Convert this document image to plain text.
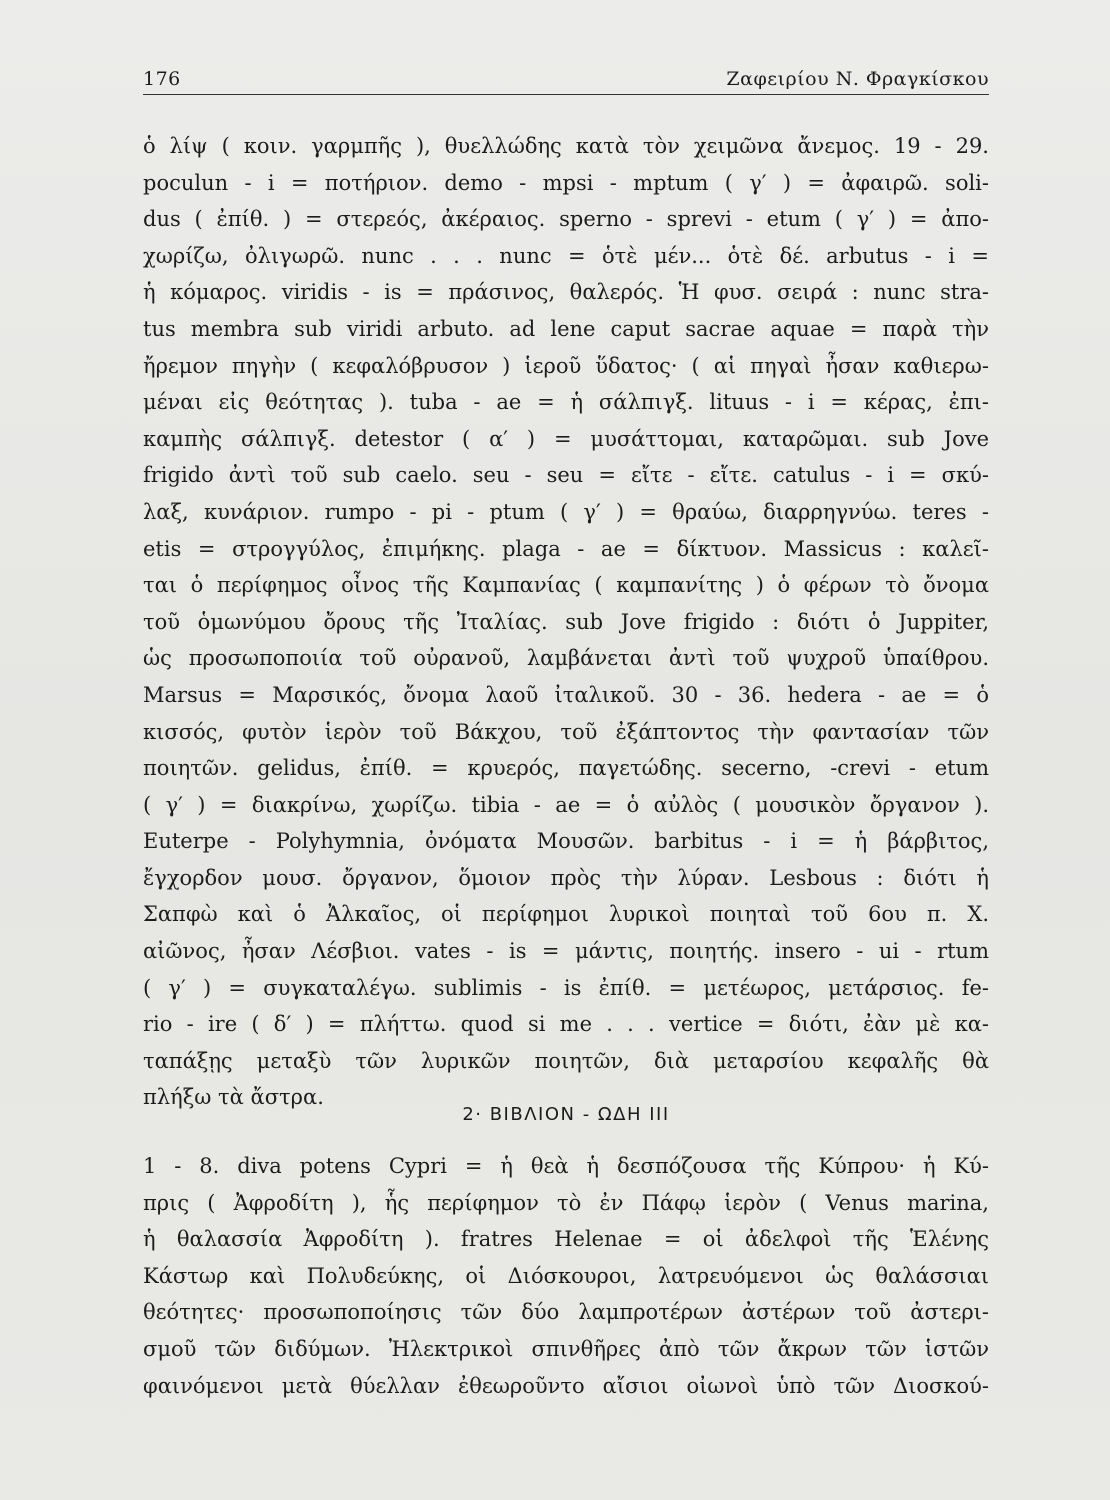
176	Ζαφειρίου Ν. Φραγκίσκου
ὁ λίψ ( κοιν. γαρμπῆς ), θυελλώδης κατὰ τὸν χειμῶνα ἄνεμος. 19 - 29.
poculun - i = ποτήριον. demo - mpsi - mptum ( γ′ ) = ἀφαιρῶ. soli-
dus ( ἐπίθ. ) = στερεός, ἀκέραιος. sperno - sprevi - etum ( γ′ ) = ἀπο-
χωρίζω, ὀλιγωρῶ. nunc . . . nunc = ὁτὲ μέν... ὁτὲ δέ. arbutus - i =
ἡ κόμαρος. viridis - is = πράσινος, θαλερός. Ἡ φυσ. σειρά : nunc stra-
tus membra sub viridi arbuto. ad lene caput sacrae aquae = παρὰ τὴν
ἤρεμον πηγὴν ( κεφαλόβρυσον ) ἱεροῦ ὕδατος· ( αἱ πηγαὶ ἦσαν καθιερω-
μέναι εἰς θεότητας ). tuba - ae = ἡ σάλπιγξ. lituus - i = κέρας, ἐπι-
καμπὴς σάλπιγξ. detestor ( α′ ) = μυσάττομαι, καταρῶμαι. sub Jove
frigido ἀντὶ τοῦ sub caelo. seu - seu = εἴτε - εἴτε. catulus - i = σκύ-
λαξ, κυνάριον. rumpo - pi - ptum ( γ′ ) = θραύω, διαρρηγνύω. teres -
etis = στρογγύλος, ἐπιμήκης. plaga - ae = δίκτυον. Massicus : καλεῖ-
ται ὁ περίφημος οἶνος τῆς Καμπανίας ( καμπανίτης ) ὁ φέρων τὸ ὄνομα
τοῦ ὁμωνύμου ὄρους τῆς Ἰταλίας. sub Jove frigido : διότι ὁ Juppiter,
ὡς προσωποποιία τοῦ οὐρανοῦ, λαμβάνεται ἀντὶ τοῦ ψυχροῦ ὑπαίθρου.
Marsus = Μαρσικός, ὄνομα λαοῦ ἰταλικοῦ. 30 - 36. hedera - ae = ὁ
κισσός, φυτὸν ἱερὸν τοῦ Βάκχου, τοῦ ἐξάπτοντος τὴν φαντασίαν τῶν
ποιητῶν. gelidus, ἐπίθ. = κρυερός, παγετώδης. secerno, -crevi - etum
( γ′ ) = διακρίνω, χωρίζω. tibia - ae = ὁ αὐλὸς ( μουσικὸν ὄργανον ).
Euterpe - Polyhymnia, ὀνόματα Μουσῶν. barbitus - i = ἡ βάρβιτος,
ἔγχορδον μουσ. ὄργανον, ὅμοιον πρὸς τὴν λύραν. Lesbous : διότι ἡ
Σαπφὼ καὶ ὁ Ἀλκαῖος, οἱ περίφημοι λυρικοὶ ποιηταὶ τοῦ 6ου π. Χ.
αἰῶνος, ἦσαν Λέσβιοι. vates - is = μάντις, ποιητής. insero - ui - rtum
( γ′ ) = συγκαταλέγω. sublimis - is ἐπίθ. = μετέωρος, μετάρσιος. fe-
rio - ire ( δ′ ) = πλήττω. quod si me . . . vertice = διότι, ἐὰν μὲ κα-
ταπάξῃς μεταξὺ τῶν λυρικῶν ποιητῶν, διὰ μεταρσίου κεφαλῆς θὰ
πλήξω τὰ ἄστρα.
2· ΒΙΒΛΙΟΝ - ΩΔΗ III
1 - 8. diva potens Cypri = ἡ θεὰ ἡ δεσπόζουσα τῆς Κύπρου· ἡ Κύ-
πρις ( Ἀφροδίτη ), ἧς περίφημον τὸ ἐν Πάφῳ ἱερὸν ( Venus marina,
ἡ θαλασσία Ἀφροδίτη ). fratres Helenae = οἱ ἀδελφοὶ τῆς Ἑλένης
Κάστωρ καὶ Πολυδεύκης, οἱ Διόσκουροι, λατρευόμενοι ὡς θαλάσσιαι
θεότητες· προσωποποίησις τῶν δύο λαμπροτέρων ἀστέρων τοῦ ἀστερι-
σμοῦ τῶν διδύμων. Ἠλεκτρικοὶ σπινθῆρες ἀπὸ τῶν ἄκρων τῶν ἱστῶν
φαινόμενοι μετὰ θύελλαν ἐθεωροῦντο αἴσιοι οἰωνοὶ ὑπὸ τῶν Διοσκού-
